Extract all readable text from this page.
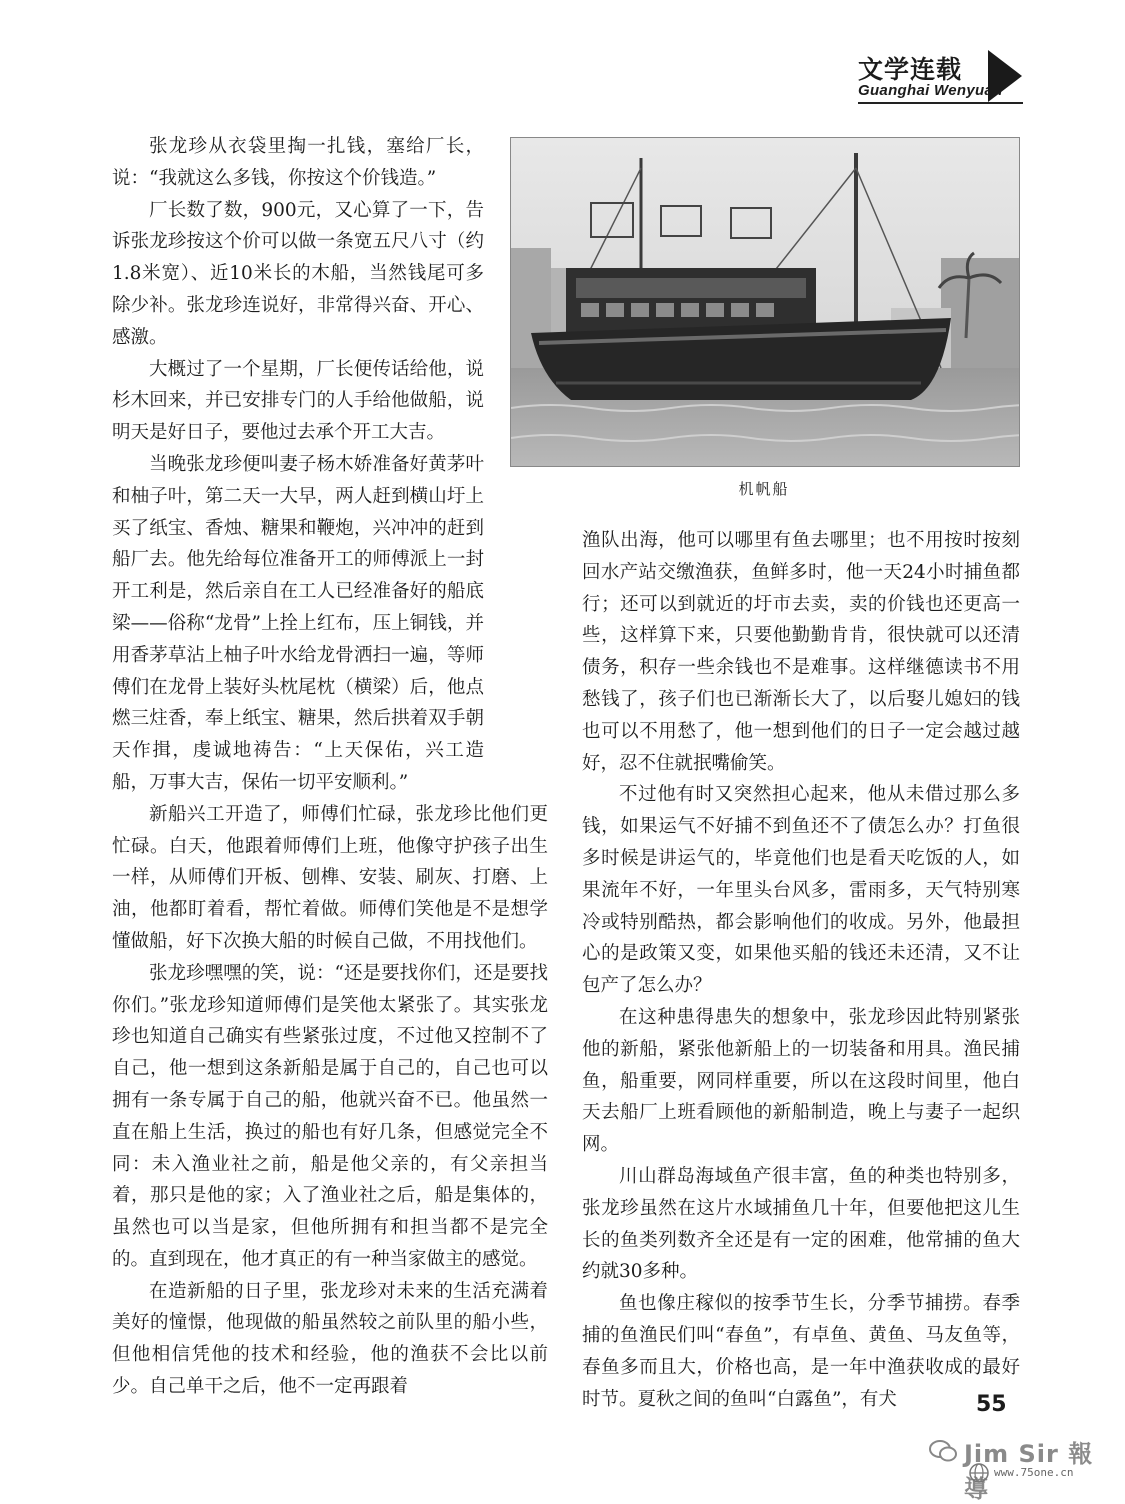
文学连载
Guanghai Wenyuan

张龙珍从衣袋里掏一扎钱，塞给厂长，说：“我就这么多钱，你按这个价钱造。”

厂长数了数，900元，又心算了一下，告诉张龙珍按这个价可以做一条宽五尺八寸（约1.8米宽）、近10米长的木船，当然钱尾可多除少补。张龙珍连说好，非常得兴奋、开心、感激。

大概过了一个星期，厂长便传话给他，说杉木回来，并已安排专门的人手给他做船，说明天是好日子，要他过去承个开工大吉。

当晚张龙珍便叫妻子杨木娇准备好黄茅叶和柚子叶，第二天一大早，两人赶到横山圩上买了纸宝、香烛、糖果和鞭炮，兴冲冲的赶到船厂去。他先给每位准备开工的师傅派上一封开工利是，然后亲自在工人已经准备好的船底梁——俗称“龙骨”上拴上红布，压上铜钱，并用香茅草沾上柚子叶水给龙骨洒扫一遍，等师傅们在龙骨上装好头枕尾枕（横梁）后，他点燃三炷香，奉上纸宝、糖果，然后拱着双手朝天作揖，虔诚地祷告：“上天保佑，兴工造船，万事大吉，保佑一切平安顺利。”

新船兴工开造了，师傅们忙碌，张龙珍比他们更忙碌。白天，他跟着师傅们上班，他像守护孩子出生一样，从师傅们开板、刨榫、安装、刷灰、打磨、上油，他都盯着看，帮忙着做。师傅们笑他是不是想学懂做船，好下次换大船的时候自己做，不用找他们。

张龙珍嘿嘿的笑，说：“还是要找你们，还是要找你们。”张龙珍知道师傅们是笑他太紧张了。其实张龙珍也知道自己确实有些紧张过度，不过他又控制不了自己，他一想到这条新船是属于自己的，自己也可以拥有一条专属于自己的船，他就兴奋不已。他虽然一直在船上生活，换过的船也有好几条，但感觉完全不同：未入渔业社之前，船是他父亲的，有父亲担当着，那只是他的家；入了渔业社之后，船是集体的，虽然也可以当是家，但他所拥有和担当都不是完全的。直到现在，他才真正的有一种当家做主的感觉。

在造新船的日子里，张龙珍对未来的生活充满着美好的憧憬，他现做的船虽然较之前队里的船小些，但他相信凭他的技术和经验，他的渔获不会比以前少。自己单干之后，他不一定再跟着

机帆船

渔队出海，他可以哪里有鱼去哪里；也不用按时按刻回水产站交缴渔获，鱼鲜多时，他一天24小时捕鱼都行；还可以到就近的圩市去卖，卖的价钱也还更高一些，这样算下来，只要他勤勤肯肯，很快就可以还清债务，积存一些余钱也不是难事。这样继德读书不用愁钱了，孩子们也已渐渐长大了，以后娶儿媳妇的钱也可以不用愁了，他一想到他们的日子一定会越过越好，忍不住就抿嘴偷笑。

不过他有时又突然担心起来，他从未借过那么多钱，如果运气不好捕不到鱼还不了债怎么办？打鱼很多时候是讲运气的，毕竟他们也是看天吃饭的人，如果流年不好，一年里头台风多，雷雨多，天气特别寒冷或特别酷热，都会影响他们的收成。另外，他最担心的是政策又变，如果他买船的钱还未还清，又不让包产了怎么办？

在这种患得患失的想象中，张龙珍因此特别紧张他的新船，紧张他新船上的一切装备和用具。渔民捕鱼，船重要，网同样重要，所以在这段时间里，他白天去船厂上班看顾他的新船制造，晚上与妻子一起织网。

川山群岛海域鱼产很丰富，鱼的种类也特别多，张龙珍虽然在这片水域捕鱼几十年，但要他把这儿生长的鱼类列数齐全还是有一定的困难，他常捕的鱼大约就30多种。

鱼也像庄稼似的按季节生长，分季节捕捞。春季捕的鱼渔民们叫“春鱼”，有卓鱼、黄鱼、马友鱼等，春鱼多而且大，价格也高，是一年中渔获收成的最好时节。夏秋之间的鱼叫“白露鱼”，有犬	55
Jim Sir 報導
www.75one.cn
